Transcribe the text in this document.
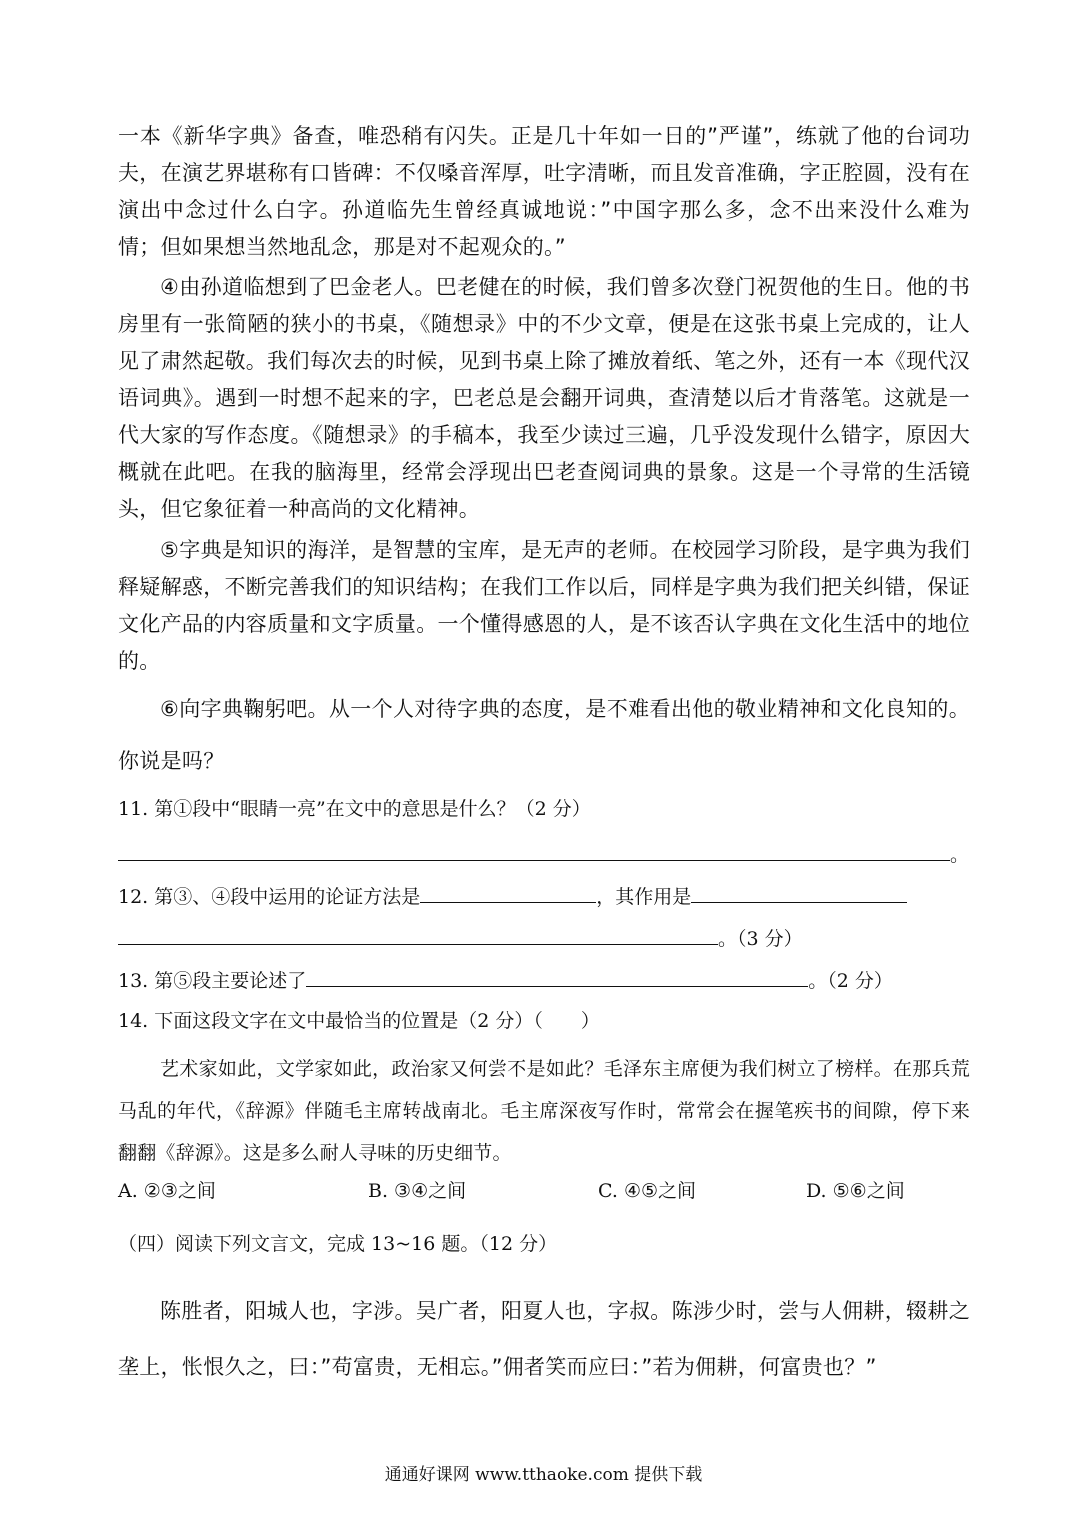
一本《新华字典》备查，唯恐稍有闪失。正是几十年如一日的”严谨”，练就了他的台词功夫，在演艺界堪称有口皆碑：不仅嗓音浑厚，吐字清晰，而且发音准确，字正腔圆，没有在演出中念过什么白字。孙道临先生曾经真诚地说：”中国字那么多，念不出来没什么难为情；但如果想当然地乱念，那是对不起观众的。”

④由孙道临想到了巴金老人。巴老健在的时候，我们曾多次登门祝贺他的生日。他的书房里有一张简陋的狭小的书桌，《随想录》中的不少文章，便是在这张书桌上完成的，让人见了肃然起敬。我们每次去的时候，见到书桌上除了摊放着纸、笔之外，还有一本《现代汉语词典》。遇到一时想不起来的字，巴老总是会翻开词典，查清楚以后才肯落笔。这就是一代大家的写作态度。《随想录》的手稿本，我至少读过三遍，几乎没发现什么错字，原因大概就在此吧。在我的脑海里，经常会浮现出巴老查阅词典的景象。这是一个寻常的生活镜头，但它象征着一种高尚的文化精神。

⑤字典是知识的海洋，是智慧的宝库，是无声的老师。在校园学习阶段，是字典为我们释疑解惑，不断完善我们的知识结构；在我们工作以后，同样是字典为我们把关纠错，保证文化产品的内容质量和文字质量。一个懂得感恩的人，是不该否认字典在文化生活中的地位的。

⑥向字典鞠躬吧。从一个人对待字典的态度，是不难看出他的敬业精神和文化良知的。你说是吗？

11. 第①段中“眼睛一亮”在文中的意思是什么？（2 分）
。
12. 第③、④段中运用的论证方法是	，其作用是
。（3 分）
13. 第⑤段主要论述了	。（2 分）
14. 下面这段文字在文中最恰当的位置是（2 分）（　　）

艺术家如此，文学家如此，政治家又何尝不是如此？毛泽东主席便为我们树立了榜样。在那兵荒马乱的年代，《辞源》伴随毛主席转战南北。毛主席深夜写作时，常常会在握笔疾书的间隙，停下来翻翻《辞源》。这是多么耐人寻味的历史细节。

A. ②③之间	B. ③④之间	C. ④⑤之间	D. ⑤⑥之间
（四）阅读下列文言文，完成 13~16 题。（12 分）

陈胜者，阳城人也，字涉。吴广者，阳夏人也，字叔。陈涉少时，尝与人佣耕，辍耕之垄上，怅恨久之，曰：”苟富贵，无相忘。”佣者笑而应曰：”若为佣耕，何富贵也？”

通通好课网 www.tthaoke.com 提供下载
